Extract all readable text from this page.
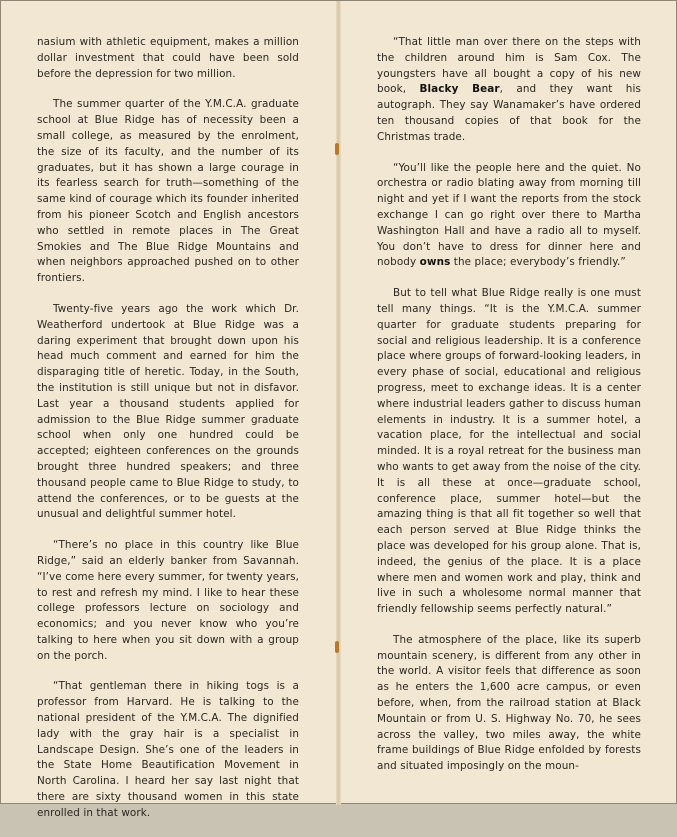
nasium with athletic equipment, makes a million dollar investment that could have been sold before the depression for two million.

The summer quarter of the Y.M.C.A. graduate school at Blue Ridge has of necessity been a small college, as measured by the enrolment, the size of its faculty, and the number of its graduates, but it has shown a large courage in its fearless search for truth—something of the same kind of courage which its founder inherited from his pioneer Scotch and English ancestors who settled in remote places in The Great Smokies and The Blue Ridge Mountains and when neighbors approached pushed on to other frontiers.

Twenty-five years ago the work which Dr. Weatherford undertook at Blue Ridge was a daring experiment that brought down upon his head much comment and earned for him the disparaging title of heretic. Today, in the South, the institution is still unique but not in disfavor. Last year a thousand students applied for admission to the Blue Ridge summer graduate school when only one hundred could be accepted; eighteen conferences on the grounds brought three hundred speakers; and three thousand people came to Blue Ridge to study, to attend the conferences, or to be guests at the unusual and delightful summer hotel.

“There’s no place in this country like Blue Ridge,” said an elderly banker from Savannah. “I’ve come here every summer, for twenty years, to rest and refresh my mind. I like to hear these college professors lecture on sociology and economics; and you never know who you’re talking to here when you sit down with a group on the porch.

“That gentleman there in hiking togs is a professor from Harvard. He is talking to the national president of the Y.M.C.A. The dignified lady with the gray hair is a specialist in Landscape Design. She’s one of the leaders in the State Home Beautification Movement in North Carolina. I heard her say last night that there are sixty thousand women in this state enrolled in that work.

“That little man over there on the steps with the children around him is Sam Cox. The youngsters have all bought a copy of his new book, Blacky Bear, and they want his autograph. They say Wanamaker’s have ordered ten thousand copies of that book for the Christmas trade.

“You’ll like the people here and the quiet. No orchestra or radio blating away from morning till night and yet if I want the reports from the stock exchange I can go right over there to Martha Washington Hall and have a radio all to myself. You don’t have to dress for dinner here and nobody owns the place; everybody’s friendly.”

But to tell what Blue Ridge really is one must tell many things. “It is the Y.M.C.A. summer quarter for graduate students preparing for social and religious leadership. It is a conference place where groups of forward-looking leaders, in every phase of social, educational and religious progress, meet to exchange ideas. It is a center where industrial leaders gather to discuss human elements in industry. It is a summer hotel, a vacation place, for the intellectual and social minded. It is a royal retreat for the business man who wants to get away from the noise of the city. It is all these at once—graduate school, conference place, summer hotel—but the amazing thing is that all fit together so well that each person served at Blue Ridge thinks the place was developed for his group alone. That is, indeed, the genius of the place. It is a place where men and women work and play, think and live in such a wholesome normal manner that friendly fellowship seems perfectly natural.”

The atmosphere of the place, like its superb mountain scenery, is different from any other in the world. A visitor feels that difference as soon as he enters the 1,600 acre campus, or even before, when, from the railroad station at Black Mountain or from U. S. Highway No. 70, he sees across the valley, two miles away, the white frame buildings of Blue Ridge enfolded by forests and situated imposingly on the moun-
